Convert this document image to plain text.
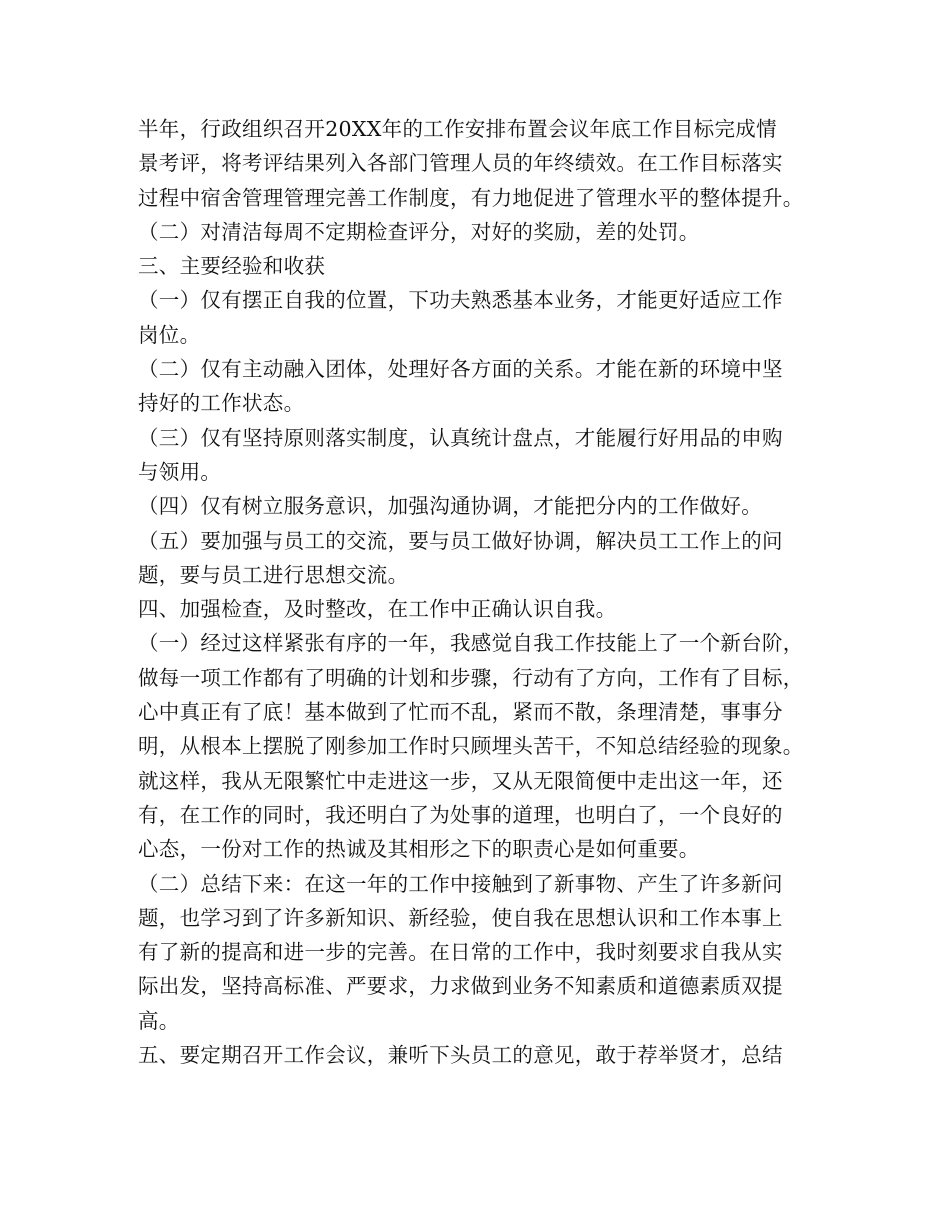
半年，行政组织召开20XX年的工作安排布置会议年底工作目标完成情
景考评，将考评结果列入各部门管理人员的年终绩效。在工作目标落实
过程中宿舍管理管理完善工作制度，有力地促进了管理水平的整体提升。
（二）对清洁每周不定期检查评分，对好的奖励，差的处罚。
三、主要经验和收获
（一）仅有摆正自我的位置，下功夫熟悉基本业务，才能更好适应工作
岗位。
（二）仅有主动融入团体，处理好各方面的关系。才能在新的环境中坚
持好的工作状态。
（三）仅有坚持原则落实制度，认真统计盘点，才能履行好用品的申购
与领用。
（四）仅有树立服务意识，加强沟通协调，才能把分内的工作做好。
（五）要加强与员工的交流，要与员工做好协调，解决员工工作上的问
题，要与员工进行思想交流。
四、加强检查，及时整改，在工作中正确认识自我。
（一）经过这样紧张有序的一年，我感觉自我工作技能上了一个新台阶，
做每一项工作都有了明确的计划和步骤，行动有了方向，工作有了目标，
心中真正有了底！基本做到了忙而不乱，紧而不散，条理清楚，事事分
明，从根本上摆脱了刚参加工作时只顾埋头苦干，不知总结经验的现象。
就这样，我从无限繁忙中走进这一步，又从无限简便中走出这一年，还
有，在工作的同时，我还明白了为处事的道理，也明白了，一个良好的
心态，一份对工作的热诚及其相形之下的职责心是如何重要。
（二）总结下来：在这一年的工作中接触到了新事物、产生了许多新问
题，也学习到了许多新知识、新经验，使自我在思想认识和工作本事上
有了新的提高和进一步的完善。在日常的工作中，我时刻要求自我从实
际出发，坚持高标准、严要求，力求做到业务不知素质和道德素质双提
高。
五、要定期召开工作会议，兼听下头员工的意见，敢于荐举贤才，总结
